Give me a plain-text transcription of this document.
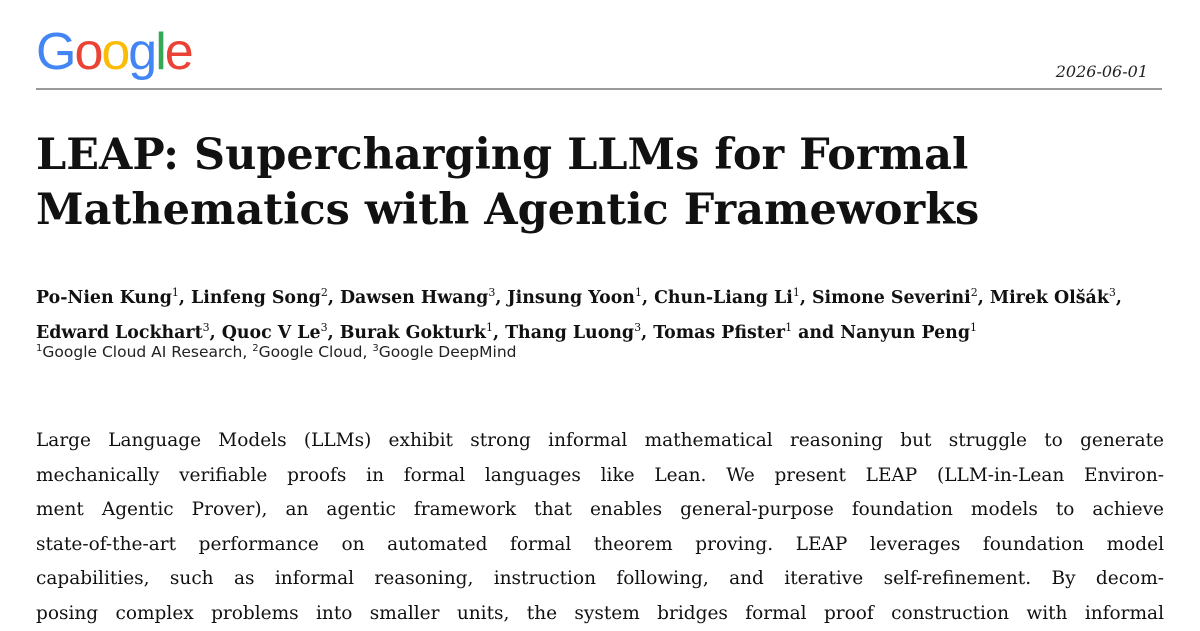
Google	2026-06-01
LEAP: Supercharging LLMs for Formal
Mathematics with Agentic Frameworks

Po-Nien Kung$^1$, Linfeng Song$^2$, Dawsen Hwang$^3$, Jinsung Yoon$^1$, Chun-Liang Li$^1$, Simone Severini$^2$, Mirek Olšák$^3$, Edward Lockhart$^3$, Quoc V Le$^3$, Burak Gokturk$^1$, Thang Luong$^3$, Tomas Pfister$^1$ and Nanyun Peng$^1$

$^1$Google Cloud AI Research, $^2$Google Cloud, $^3$Google DeepMind

Large Language Models (LLMs) exhibit strong informal mathematical reasoning but struggle to generate
mechanically verifiable proofs in formal languages like Lean. We present LEAP (LLM-in-Lean Environ-
ment Agentic Prover), an agentic framework that enables general-purpose foundation models to achieve
state-of-the-art performance on automated formal theorem proving. LEAP leverages foundation model
capabilities, such as informal reasoning, instruction following, and iterative self-refinement. By decom-
posing complex problems into smaller units, the system bridges formal proof construction with informal
